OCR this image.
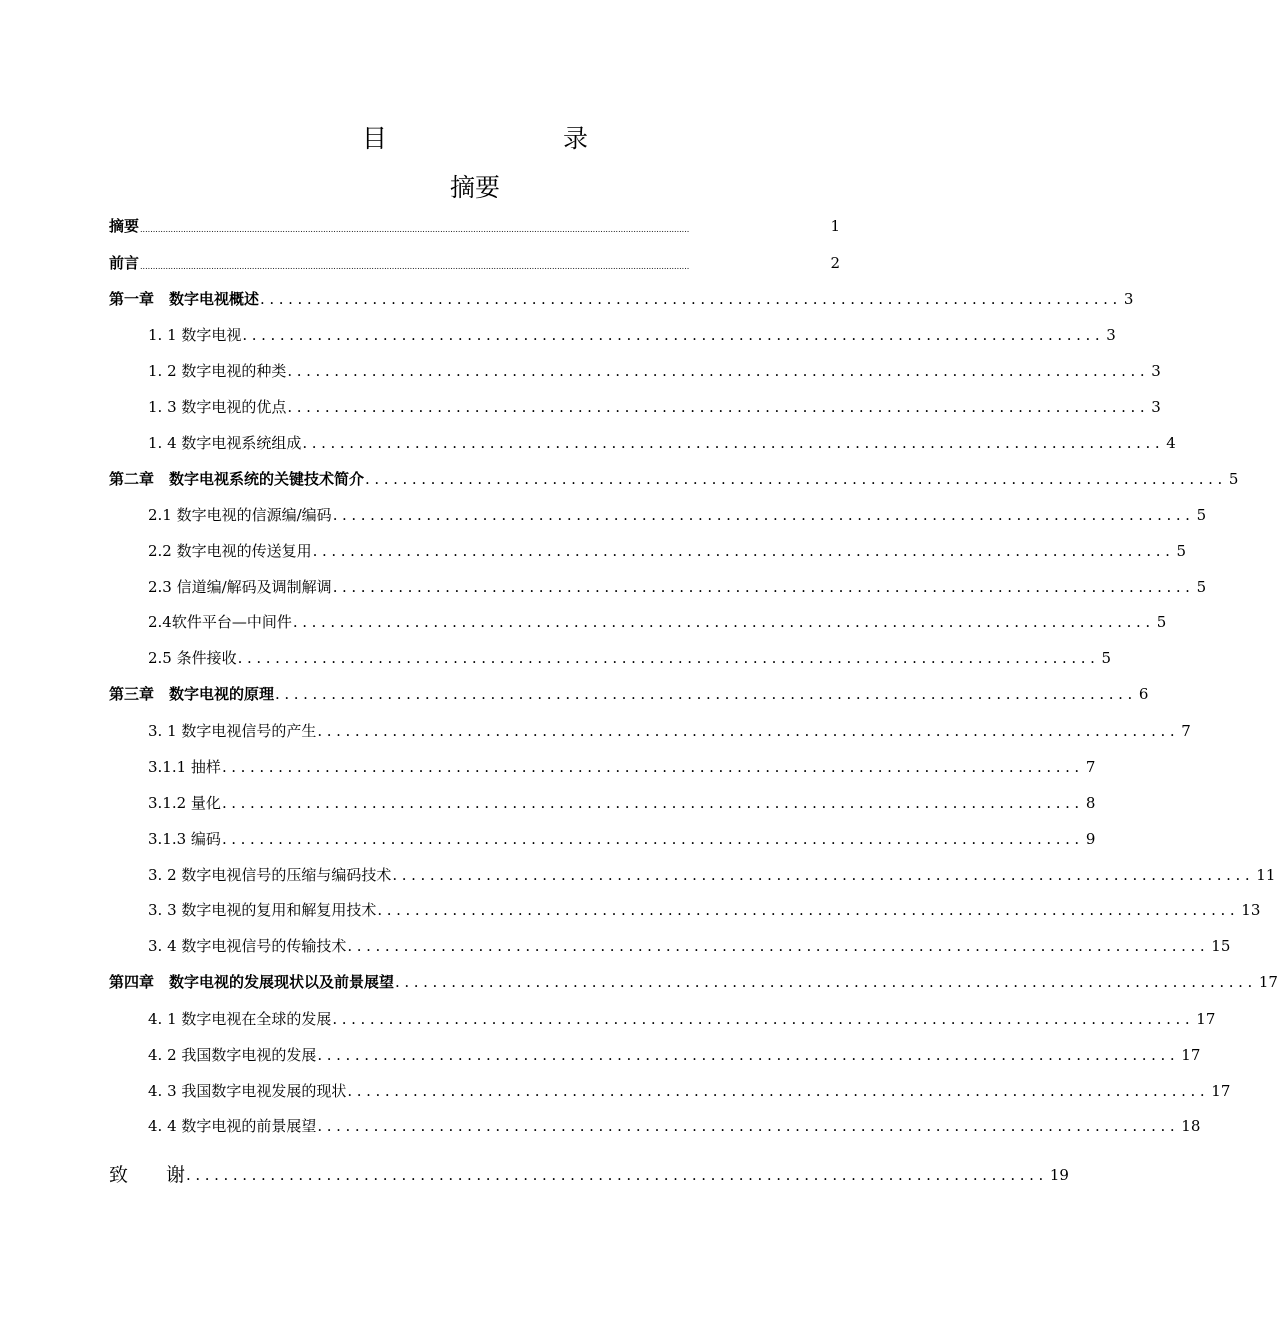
目　　录
摘要
摘要 ........................................................................................................................................................................................................................	1
前言 ........................................................................................................................................................................................................................	2
第一章　数字电视概述 ............................................................................................ 3
1. 1 数字电视 ............................................................................................ 3
1. 2 数字电视的种类 ............................................................................................ 3
1. 3 数字电视的优点 ............................................................................................ 3
1. 4 数字电视系统组成 ............................................................................................ 4
第二章　数字电视系统的关键技术简介 ............................................................................................ 5
2.1 数字电视的信源编/编码 ............................................................................................ 5
2.2 数字电视的传送复用 ............................................................................................ 5
2.3 信道编/解码及调制解调 ............................................................................................ 5
2.4软件平台—中间件 ............................................................................................ 5
2.5 条件接收 ............................................................................................ 5
第三章　数字电视的原理 ............................................................................................ 6
3. 1 数字电视信号的产生 ............................................................................................ 7
3.1.1 抽样 ............................................................................................ 7
3.1.2 量化 ............................................................................................ 8
3.1.3 编码 ............................................................................................ 9
3. 2 数字电视信号的压缩与编码技术 ............................................................................................ 11
3. 3 数字电视的复用和解复用技术 ............................................................................................ 13
3. 4 数字电视信号的传输技术 ............................................................................................ 15
第四章　数字电视的发展现状以及前景展望 ............................................................................................ 17
4. 1 数字电视在全球的发展 ............................................................................................ 17
4. 2 我国数字电视的发展 ............................................................................................ 17
4. 3 我国数字电视发展的现状 ............................................................................................ 17
4. 4 数字电视的前景展望 ............................................................................................ 18
致　　谢 ............................................................................................ 19
